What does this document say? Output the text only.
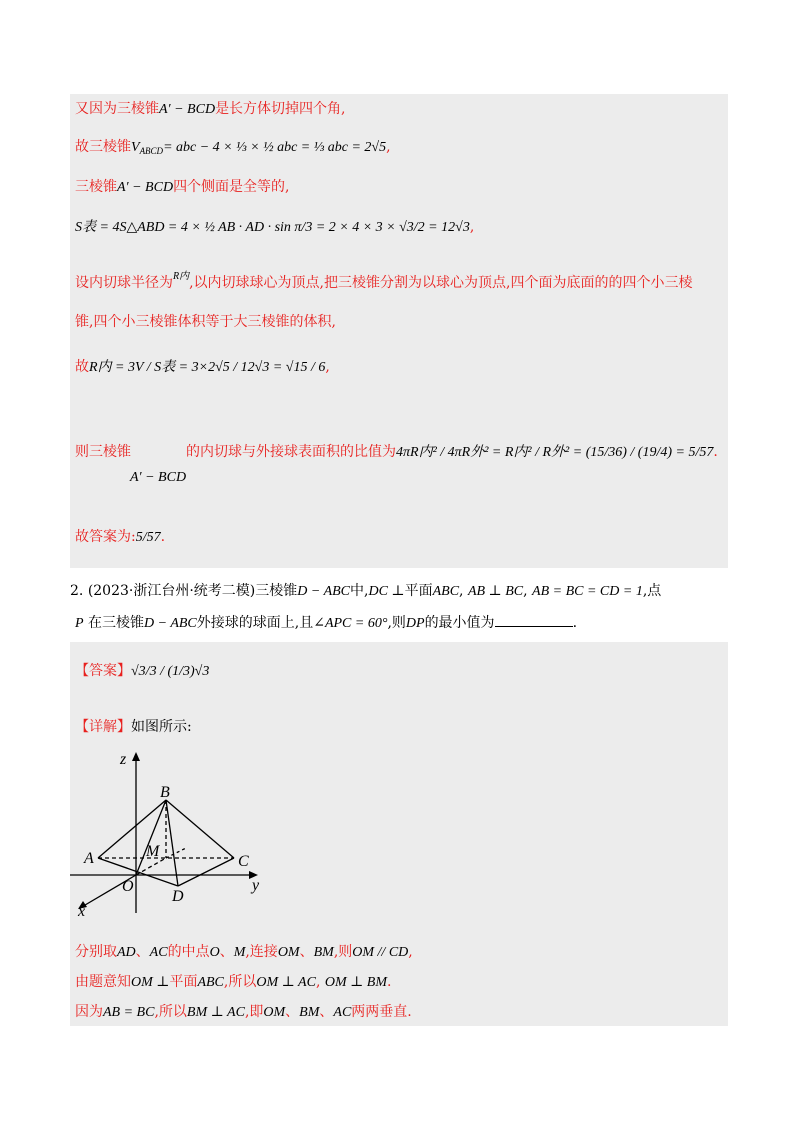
又因为三棱锥A′ − BCD是长方体切掉四个角,
故三棱锥$V_{ABCD}=$ abc − 4 × ⅓ × ½ abc = ⅓ abc = 2√5,
三棱锥A′ − BCD四个侧面是全等的,
S表 = 4S△ABD = 4 × ½ AB · AD · sin π/3 = 2 × 4 × 3 × √3/2 = 12√3,
设内切球半径为$^{R内}$,以内切球球心为顶点,把三棱锥分割为以球心为顶点,四个面为底面的的四个小三棱
锥,四个小三棱锥体积等于大三棱锥的体积,
故R内 = 3V / S表 = 3×2√5 / 12√3 = √15 / 6,
则三棱锥
A′ − BCD
的内切球与外接球表面积的比值为4πR内² / 4πR外² = R内² / R外² = (15/36) / (19/4) = 5/57.
故答案为:5/57.
2. (2023·浙江台州·统考二模)三棱锥D − ABC中,DC ⊥平面ABC, AB ⊥ BC, AB = BC = CD = 1,点
P 在三棱锥D − ABC外接球的球面上,且∠APC = 60°,则DP的最小值为	.
【答案】√3/3 / (1/3)√3
【详解】如图所示:
z
B
A	M
C
O
D
y
x
分别取AD、AC的中点O、M,连接OM、BM,则OM // CD,
由题意知OM ⊥平面ABC,所以OM ⊥ AC, OM ⊥ BM.
因为AB = BC,所以BM ⊥ AC,即OM、BM、AC两两垂直.
